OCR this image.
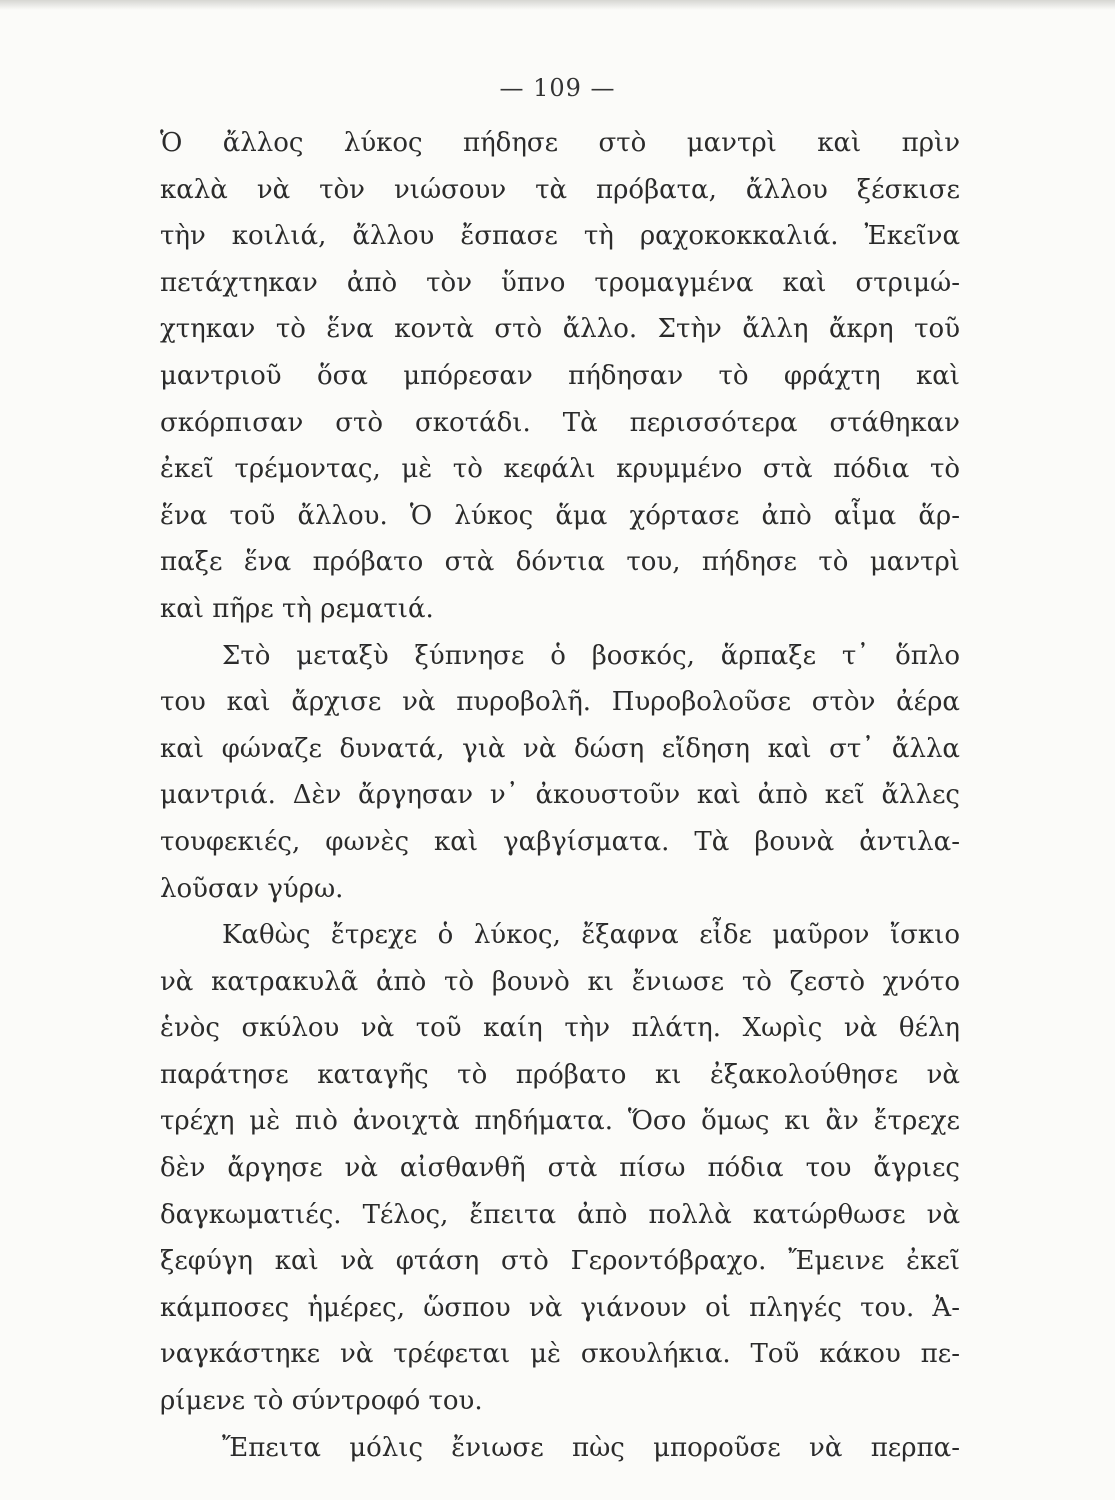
— 109 —
Ὁ ἄλλος λύκος πήδησε στὸ μαντρὶ καὶ πρὶν
καλὰ νὰ τὸν νιώσουν τὰ πρόβατα, ἄλλου ξέσκισε
τὴν κοιλιά, ἄλλου ἔσπασε τὴ ραχοκοκκαλιά. Ἐκεῖνα
πετάχτηκαν ἀπὸ τὸν ὕπνο τρομαγμένα καὶ στριμώ-
χτηκαν τὸ ἕνα κοντὰ στὸ ἄλλο. Στὴν ἄλλη ἄκρη τοῦ
μαντριοῦ ὅσα μπόρεσαν πήδησαν τὸ φράχτη καὶ
σκόρπισαν στὸ σκοτάδι. Τὰ περισσότερα στάθηκαν
ἐκεῖ τρέμοντας, μὲ τὸ κεφάλι κρυμμένο στὰ πόδια τὸ
ἕνα τοῦ ἄλλου. Ὁ λύκος ἅμα χόρτασε ἀπὸ αἷμα ἅρ-
παξε ἕνα πρόβατο στὰ δόντια του, πήδησε τὸ μαντρὶ
καὶ πῆρε τὴ ρεματιά.
Στὸ μεταξὺ ξύπνησε ὁ βοσκός, ἅρπαξε τ᾽ ὅπλο
του καὶ ἄρχισε νὰ πυροβολῆ. Πυροβολοῦσε στὸν ἀέρα
καὶ φώναζε δυνατά, γιὰ νὰ δώση εἴδηση καὶ στ᾽ ἄλλα
μαντριά. Δὲν ἄργησαν ν᾽ ἀκουστοῦν καὶ ἀπὸ κεῖ ἄλλες
τουφεκιές, φωνὲς καὶ γαβγίσματα. Τὰ βουνὰ ἀντιλα-
λοῦσαν γύρω.
Καθὼς ἔτρεχε ὁ λύκος, ἔξαφνα εἶδε μαῦρον ἴσκιο
νὰ κατρακυλᾶ ἀπὸ τὸ βουνὸ κι ἔνιωσε τὸ ζεστὸ χνότο
ἑνὸς σκύλου νὰ τοῦ καίη τὴν πλάτη. Χωρὶς νὰ θέλη
παράτησε καταγῆς τὸ πρόβατο κι ἐξακολούθησε νὰ
τρέχη μὲ πιὸ ἀνοιχτὰ πηδήματα. Ὅσο ὅμως κι ἂν ἔτρεχε
δὲν ἄργησε νὰ αἰσθανθῆ στὰ πίσω πόδια του ἄγριες
δαγκωματιές. Τέλος, ἔπειτα ἀπὸ πολλὰ κατώρθωσε νὰ
ξεφύγη καὶ νὰ φτάση στὸ Γεροντόβραχο. Ἔμεινε ἐκεῖ
κάμποσες ἡμέρες, ὥσπου νὰ γιάνουν οἱ πληγές του. Ἀ-
ναγκάστηκε νὰ τρέφεται μὲ σκουλήκια. Τοῦ κάκου πε-
ρίμενε τὸ σύντροφό του.
Ἔπειτα μόλις ἔνιωσε πὼς μποροῦσε νὰ περπα-
